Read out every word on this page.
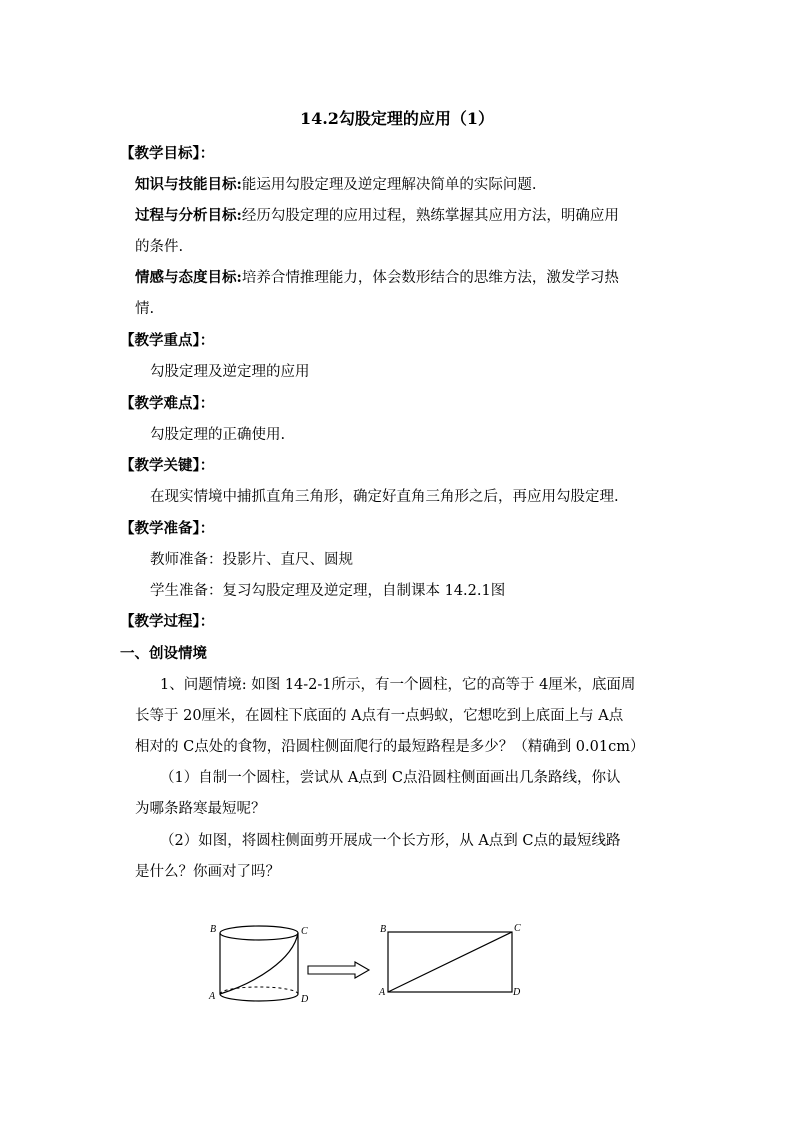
14.2勾股定理的应用（1）
【教学目标】：
知识与技能目标:能运用勾股定理及逆定理解决简单的实际问题.
过程与分析目标:经历勾股定理的应用过程，熟练掌握其应用方法，明确应用
的条件.
情感与态度目标:培养合情推理能力，体会数形结合的思维方法，激发学习热
情.
【教学重点】：
勾股定理及逆定理的应用
【教学难点】：
勾股定理的正确使用.
【教学关键】：
在现实情境中捕抓直角三角形，确定好直角三角形之后，再应用勾股定理.
【教学准备】：
教师准备：投影片、直尺、圆规
学生准备：复习勾股定理及逆定理，自制课本 14.2.1图
【教学过程】：
一、创设情境
1、问题情境: 如图 14-2-1所示，有一个圆柱，它的高等于 4厘米，底面周
长等于 20厘米，在圆柱下底面的 A点有一点蚂蚁，它想吃到上底面上与 A点
相对的 C点处的食物，沿圆柱侧面爬行的最短路程是多少？（精确到 0.01cm）
（1）自制一个圆柱，尝试从 A点到 C点沿圆柱侧面画出几条路线，你认
为哪条路寒最短呢？
（2）如图，将圆柱侧面剪开展成一个长方形，从 A点到 C点的最短线路
是什么？你画对了吗？
B	C
A	D
B	C
A	D
